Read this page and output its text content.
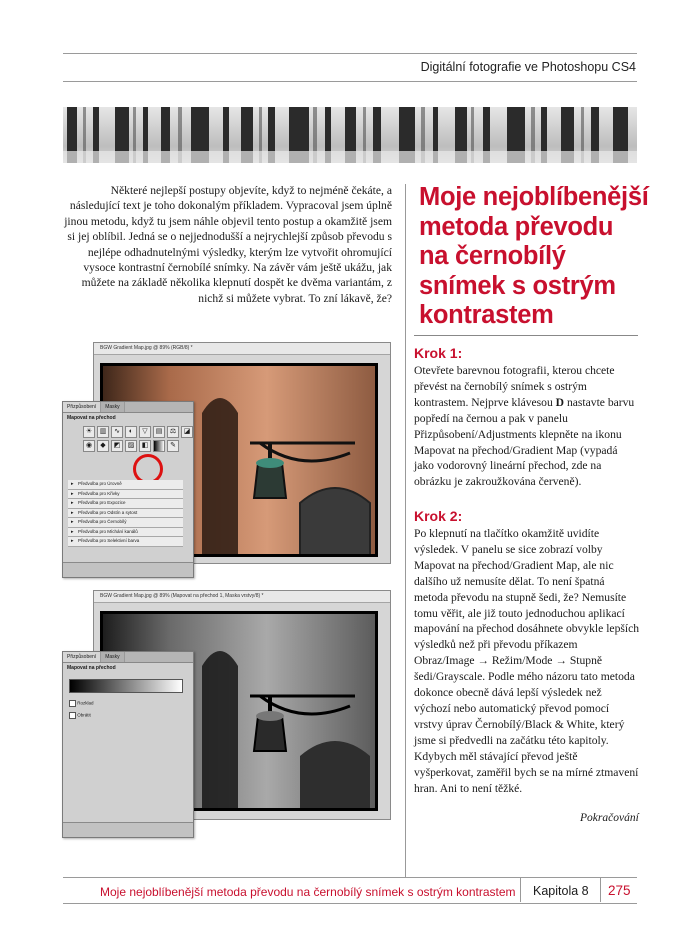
Digitální fotografie ve Photoshopu CS4

Některé nejlepší postupy objevíte, když to nejméně čekáte, a následující text je toho dokonalým příkladem. Vypracoval jsem úplně jinou metodu, když tu jsem náhle objevil tento postup a okamžitě jsem si jej oblíbil. Jedná se o nejjednodušší a nejrychlejší způsob převodu s nejlépe odhadnutelnými výsledky, kterým lze vytvořit ohromující vysoce kontrastní černobílé snímky. Na závěr vám ještě ukážu, jak můžete na základě několika klepnutí dospět ke dvěma variantám, z nichž si můžete vybrat. To zní lákavě, že?

Moje nejoblíbenější metoda převodu na černobílý snímek s ostrým kontrastem
Krok 1:

Otevřete barevnou fotografii, kterou chcete převést na černobílý snímek s ostrým kontrastem. Nejprve klávesou D nastavte barvu popředí na černou a pak v panelu Přizpůsobení/Adjustments klepněte na ikonu Mapovat na přechod/Gradient Map (vypadá jako vodorovný lineární přechod, zde na obrázku je zakroužkována červeně).

Krok 2:

Po klepnutí na tlačítko okamžitě uvidíte výsledek. V panelu se sice zobrazí volby Mapovat na přechod/Gradient Map, ale nic dalšího už nemusíte dělat. To není špatná metoda převodu na stupně šedi, že? Nemusíte tomu věřit, ale již touto jednoduchou aplikací mapování na přechod dosáhnete obvykle lepších výsledků než při převodu příkazem Obraz/Image → Režim/Mode → Stupně šedi/Grayscale. Podle mého názoru tato metoda dokonce obecně dává lepší výsledek než výchozí nebo automatický převod pomocí vrstvy úprav Černobílý/Black & White, který jsme si předvedli na začátku této kapitoly. Kdybych měl stávající převod ještě vyšperkovat, zaměřil bych se na mírné ztmavení hran. Ani to není těžké.

Pokračování
BGW Gradient Map.jpg @ 89% (RGB/8) *
Přizpůsobení	Masky
Mapovat na přechod
☀	▥	∿	◐	▽	▤	⚖	◪
◉	◆	◩	▨	◧	✎
▸ Předvolba pro Úrovně
▸ Předvolba pro Křivky
▸ Předvolba pro Expozice
▸ Předvolba pro Odstín a sytost
▸ Předvolba pro Černobílý
▸ Předvolba pro Míchání kanálů
▸ Předvolba pro Selektivní barva
BGW Gradient Map.jpg @ 89% (Mapovat na přechod 1, Maska vrstvy/8) *
Přizpůsobení	Masky
Mapovat na přechod
Rozklad
Obrátit
Moje nejoblíbenější metoda převodu na černobílý snímek s ostrým kontrastem Kapitola 8 275
